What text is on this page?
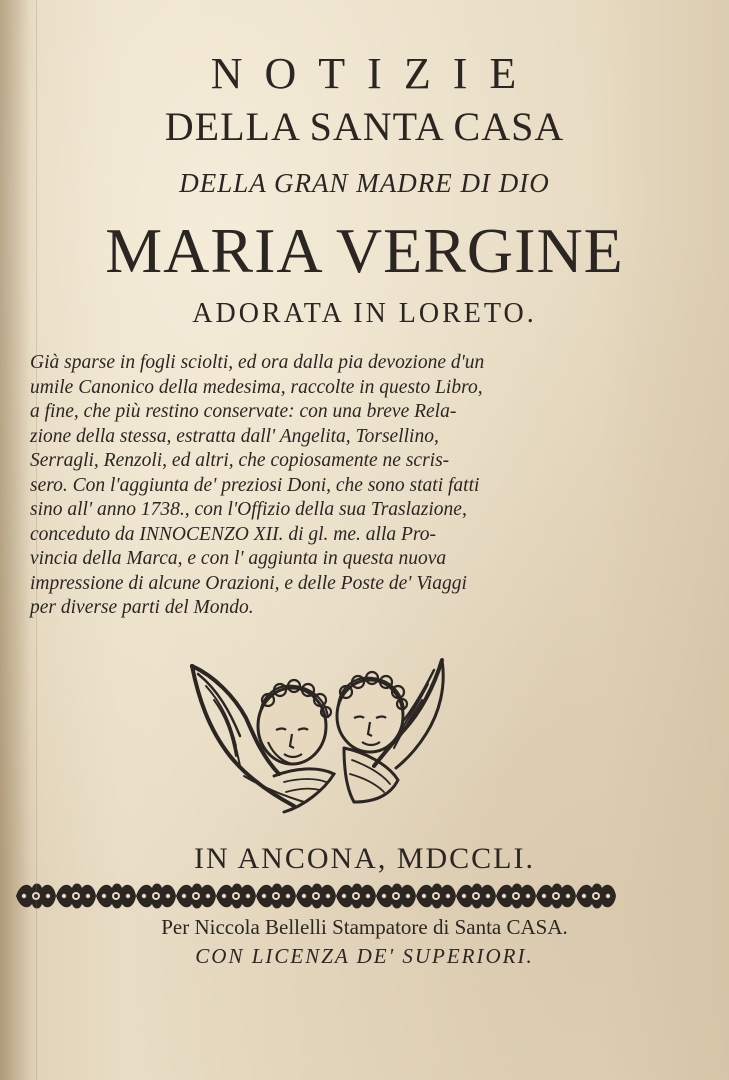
NOTIZIE
DELLA SANTA CASA
DELLA GRAN MADRE DI DIO
MARIA VERGINE
ADORATA IN LORETO.
Già sparse in fogli sciolti, ed ora dalla pia devozione d'un
umile Canonico della medesima, raccolte in questo Libro,
a fine, che più restino conservate: con una breve Rela-
zione della stessa, estratta dall' Angelita, Torsellino,
Serragli, Renzoli, ed altri, che copiosamente ne scris-
sero. Con l'aggiunta de' preziosi Doni, che sono stati fatti
sino all' anno 1738., con l'Offizio della sua Traslazione,
conceduto da INNOCENZO XII. di gl. me. alla Pro-
vincia della Marca, e con l' aggiunta in questa nuova
impressione di alcune Orazioni, e delle Poste de' Viaggi
per diverse parti del Mondo.
IN ANCONA, MDCCLI.
Per Niccola Bellelli Stampatore di Santa CASA.
CON LICENZA DE' SUPERIORI.
